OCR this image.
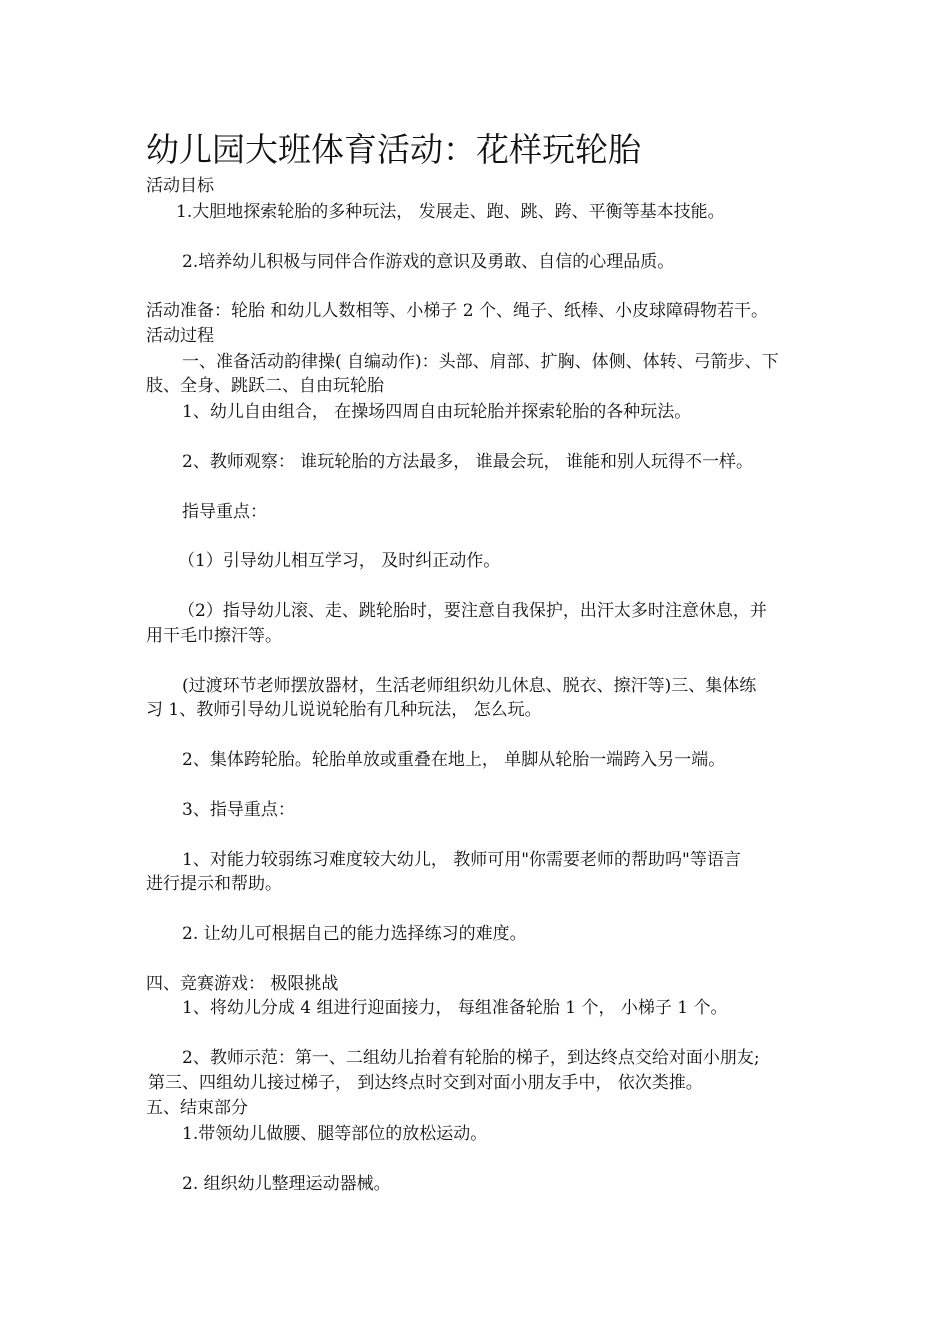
幼儿园大班体育活动：花样玩轮胎
活动目标
1.大胆地探索轮胎的多种玩法， 发展走、跑、跳、跨、平衡等基本技能。
2.培养幼儿积极与同伴合作游戏的意识及勇敢、自信的心理品质。
活动准备：轮胎 和幼儿人数相等、小梯子 2 个、绳子、纸棒、小皮球障碍物若干。
活动过程
一、准备活动韵律操( 自编动作)：头部、肩部、扩胸、体侧、体转、弓箭步、下
肢、全身、跳跃二、自由玩轮胎
1、幼儿自由组合， 在操场四周自由玩轮胎并探索轮胎的各种玩法。
2、教师观察： 谁玩轮胎的方法最多， 谁最会玩， 谁能和别人玩得不一样。
指导重点：
（1）引导幼儿相互学习， 及时纠正动作。
（2）指导幼儿滚、走、跳轮胎时，要注意自我保护，出汗太多时注意休息，并
用干毛巾擦汗等。
(过渡环节老师摆放器材，生活老师组织幼儿休息、脱衣、擦汗等)三、集体练
习 1、教师引导幼儿说说轮胎有几种玩法， 怎么玩。
2、集体跨轮胎。轮胎单放或重叠在地上， 单脚从轮胎一端跨入另一端。
3、指导重点：
1、对能力较弱练习难度较大幼儿， 教师可用"你需要老师的帮助吗"等语言
进行提示和帮助。
2. 让幼儿可根据自己的能力选择练习的难度。
四、竞赛游戏： 极限挑战
1、将幼儿分成 4 组进行迎面接力， 每组准备轮胎 1 个， 小梯子 1 个。
2、教师示范：第一、二组幼儿抬着有轮胎的梯子，到达终点交给对面小朋友;
第三、四组幼儿接过梯子， 到达终点时交到对面小朋友手中， 依次类推。
五、结束部分
1.带领幼儿做腰、腿等部位的放松运动。
2. 组织幼儿整理运动器械。
